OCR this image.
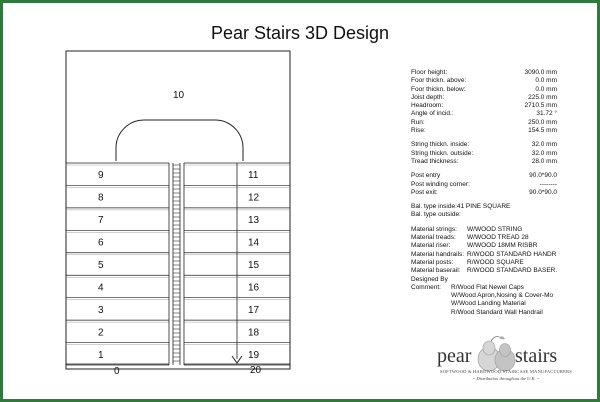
Pear Stairs 3D Design
10
9
8
7
6
5
4
3
2
1
11
12
13
14
15
16
17
18
19
0	20
Floor height:	3090.0 mm
Foor thickn. above:	0.0 mm
Foor thickn. below:	0.0 mm
Joist depth:	225.0 mm
Headroom:	2710.5 mm
Angle of incid.:	31.72 °
Run:	250.0 mm
Rise:	154.5 mm
String thickn. inside:	32.0 mm
String thickn. outside:	32.0 mm
Tread thickness:	28.0 mm
Post entry	90.0*90.0
Post winding corner:	--------
Post exit:	90.0*90.0
Bal. type inside: 41 PINE SQUARE
Bal. type outside:
Material strings:	W/WOOD STRING
Material treads:	W/WOOD TREAD 28
Material riser:	W/WOOD 18MM RISBR
Material handrails: R/WOOD STANDARD HANDR
Material posts:	R/WOOD SQUARE
Material baserail:	R/WOOD STANDARD BASER.
Designed By
Comment:	R/Wood Flat Newel Caps
W/Wood Apron,Nosing & Cover-Mo
W/Wood Landing Material
R/Wood Standard Wall Handrail
pear stairs
SOFTWOOD & HARDWOOD STAIRCASE MANUFACTURERS
~ Distribution throughout the U.K. ~
